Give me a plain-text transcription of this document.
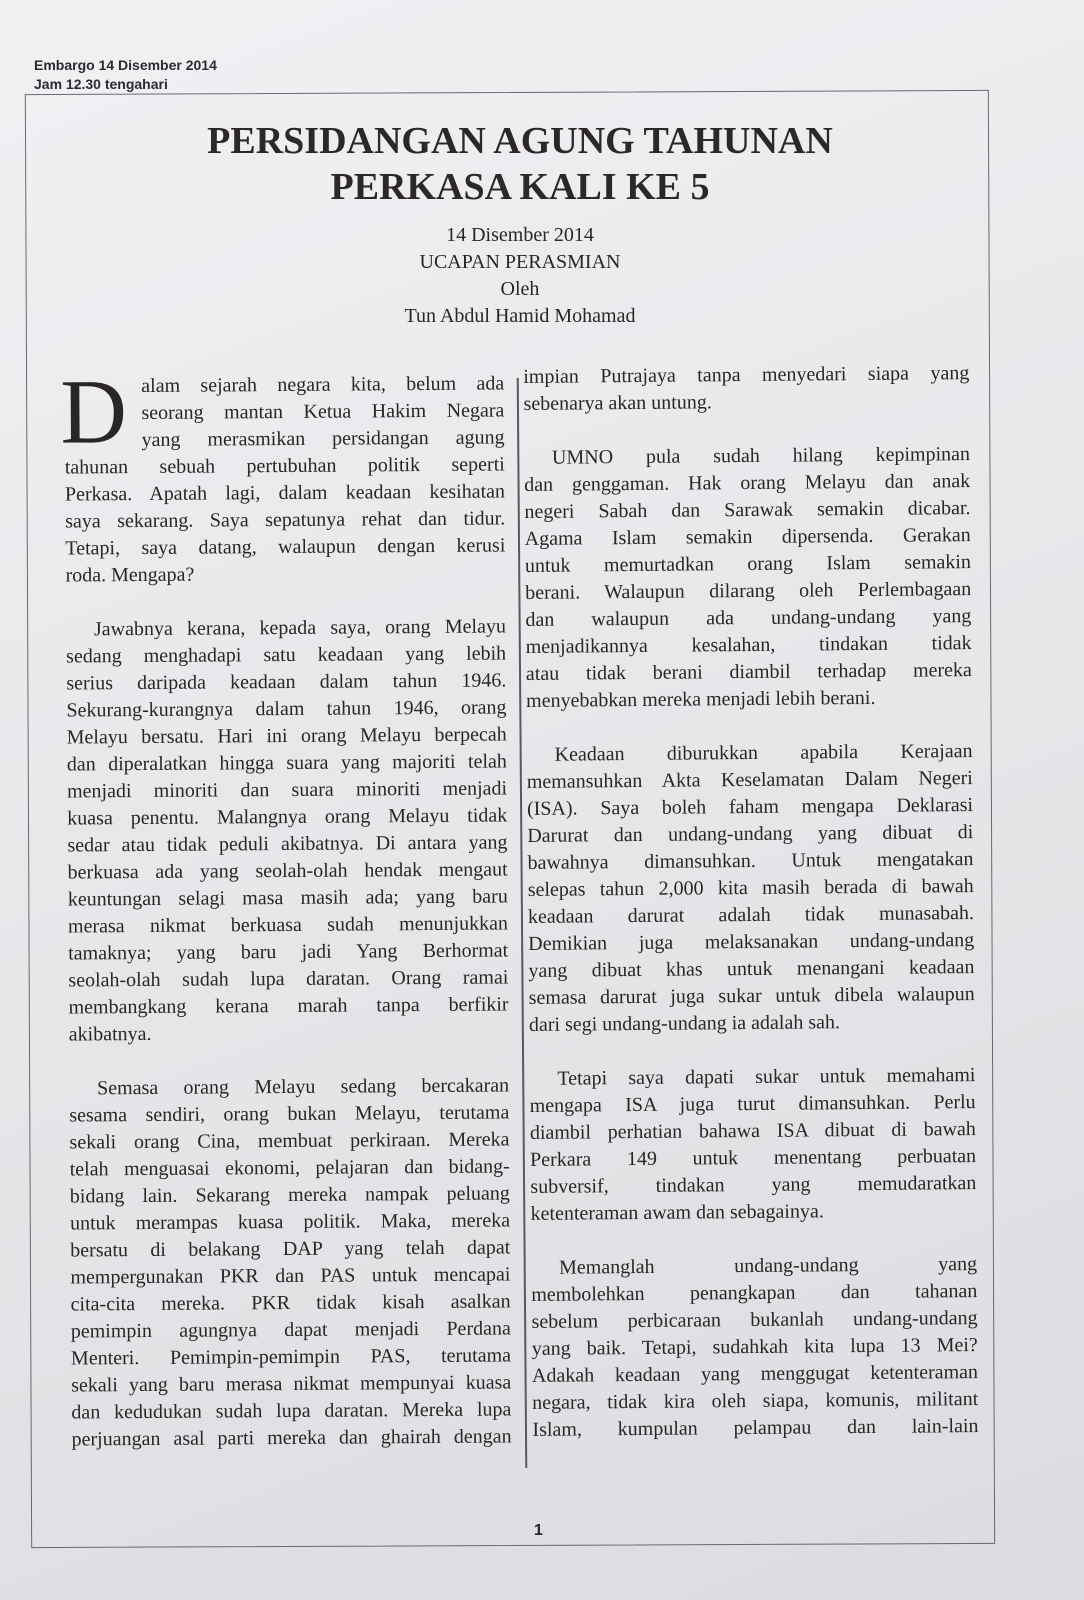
Embargo 14 Disember 2014
Jam 12.30 tengahari
PERSIDANGAN AGUNG TAHUNAN
PERKASA KALI KE 5
14 Disember 2014
UCAPAN PERASMIAN
Oleh
Tun Abdul Hamid Mohamad
D alam sejarah negara kita, belum ada
seorang mantan Ketua Hakim Negara
yang merasmikan persidangan agung
tahunan sebuah pertubuhan politik seperti
Perkasa. Apatah lagi, dalam keadaan kesihatan
saya sekarang. Saya sepatunya rehat dan tidur.
Tetapi, saya datang, walaupun dengan kerusi
roda. Mengapa?
Jawabnya kerana, kepada saya, orang Melayu
sedang menghadapi satu keadaan yang lebih
serius daripada keadaan dalam tahun 1946.
Sekurang-kurangnya dalam tahun 1946, orang
Melayu bersatu. Hari ini orang Melayu berpecah
dan diperalatkan hingga suara yang majoriti telah
menjadi minoriti dan suara minoriti menjadi
kuasa penentu. Malangnya orang Melayu tidak
sedar atau tidak peduli akibatnya. Di antara yang
berkuasa ada yang seolah-olah hendak mengaut
keuntungan selagi masa masih ada; yang baru
merasa nikmat berkuasa sudah menunjukkan
tamaknya; yang baru jadi Yang Berhormat
seolah-olah sudah lupa daratan. Orang ramai
membangkang kerana marah tanpa berfikir
akibatnya.
Semasa orang Melayu sedang bercakaran
sesama sendiri, orang bukan Melayu, terutama
sekali orang Cina, membuat perkiraan. Mereka
telah menguasai ekonomi, pelajaran dan bidang-
bidang lain. Sekarang mereka nampak peluang
untuk merampas kuasa politik. Maka, mereka
bersatu di belakang DAP yang telah dapat
mempergunakan PKR dan PAS untuk mencapai
cita-cita mereka. PKR tidak kisah asalkan
pemimpin agungnya dapat menjadi Perdana
Menteri. Pemimpin-pemimpin PAS, terutama
sekali yang baru merasa nikmat mempunyai kuasa
dan kedudukan sudah lupa daratan. Mereka lupa
perjuangan asal parti mereka dan ghairah dengan
impian Putrajaya tanpa menyedari siapa yang
sebenarya akan untung.
UMNO pula sudah hilang kepimpinan
dan genggaman. Hak orang Melayu dan anak
negeri Sabah dan Sarawak semakin dicabar.
Agama Islam semakin dipersenda. Gerakan
untuk memurtadkan orang Islam semakin
berani. Walaupun dilarang oleh Perlembagaan
dan walaupun ada undang-undang yang
menjadikannya kesalahan, tindakan tidak
atau tidak berani diambil terhadap mereka
menyebabkan mereka menjadi lebih berani.
Keadaan diburukkan apabila Kerajaan
memansuhkan Akta Keselamatan Dalam Negeri
(ISA). Saya boleh faham mengapa Deklarasi
Darurat dan undang-undang yang dibuat di
bawahnya dimansuhkan. Untuk mengatakan
selepas tahun 2,000 kita masih berada di bawah
keadaan darurat adalah tidak munasabah.
Demikian juga melaksanakan undang-undang
yang dibuat khas untuk menangani keadaan
semasa darurat juga sukar untuk dibela walaupun
dari segi undang-undang ia adalah sah.
Tetapi saya dapati sukar untuk memahami
mengapa ISA juga turut dimansuhkan. Perlu
diambil perhatian bahawa ISA dibuat di bawah
Perkara 149 untuk menentang perbuatan
subversif, tindakan yang memudaratkan
ketenteraman awam dan sebagainya.
Memanglah undang-undang yang
membolehkan penangkapan dan tahanan
sebelum perbicaraan bukanlah undang-undang
yang baik. Tetapi, sudahkah kita lupa 13 Mei?
Adakah keadaan yang menggugat ketenteraman
negara, tidak kira oleh siapa, komunis, militant
Islam, kumpulan pelampau dan lain-lain
1
